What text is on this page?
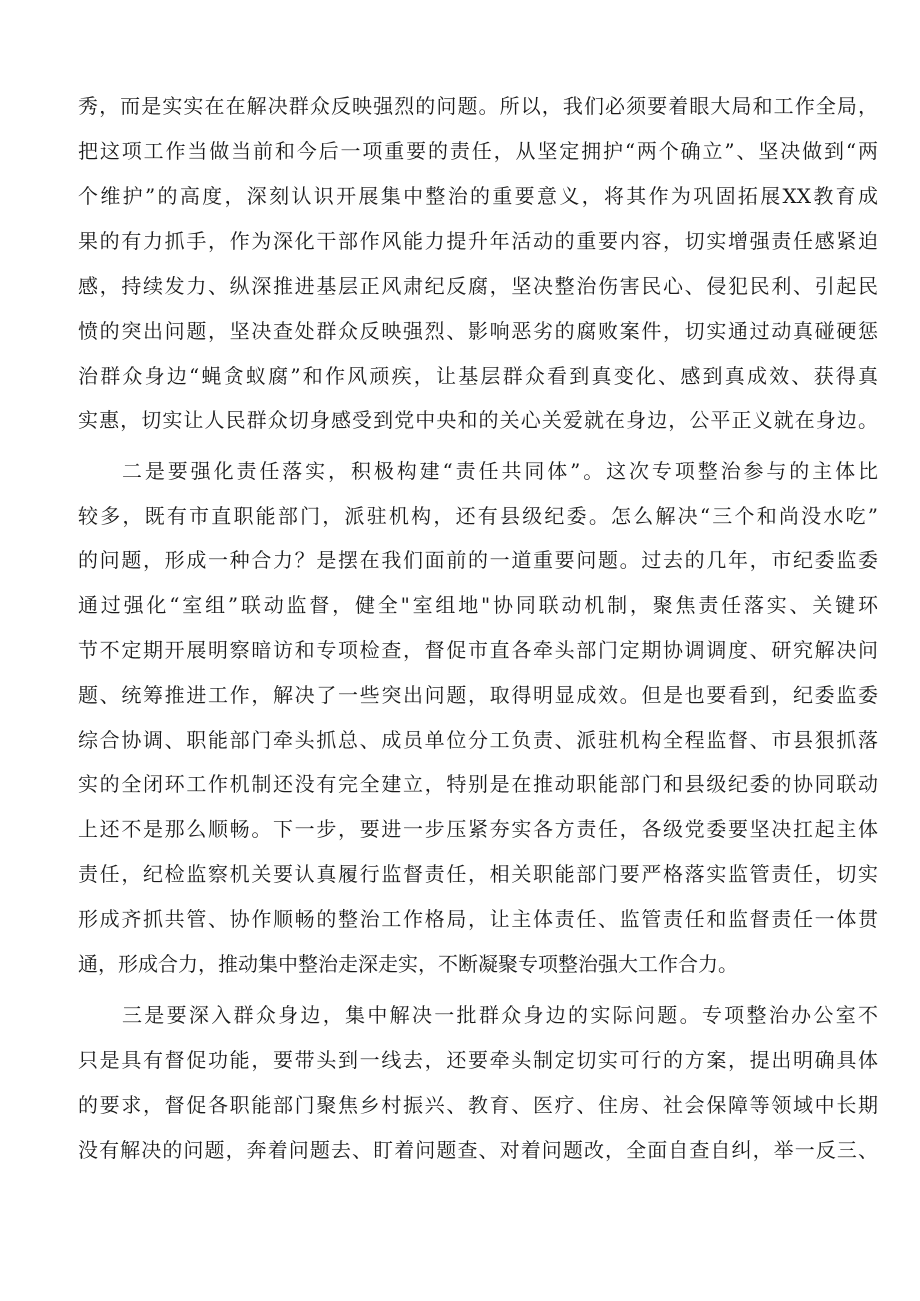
秀，而是实实在在解决群众反映强烈的问题。所以，我们必须要着眼大局和工作全局，
把这项工作当做当前和今后一项重要的责任，从坚定拥护“两个确立”、坚决做到“两
个维护”的高度，深刻认识开展集中整治的重要意义，将其作为巩固拓展XX教育成
果的有力抓手，作为深化干部作风能力提升年活动的重要内容，切实增强责任感紧迫
感，持续发力、纵深推进基层正风肃纪反腐，坚决整治伤害民心、侵犯民利、引起民
愤的突出问题，坚决查处群众反映强烈、影响恶劣的腐败案件，切实通过动真碰硬惩
治群众身边“蝇贪蚁腐”和作风顽疾，让基层群众看到真变化、感到真成效、获得真
实惠，切实让人民群众切身感受到党中央和的关心关爱就在身边，公平正义就在身边。
二是要强化责任落实，积极构建“责任共同体”。这次专项整治参与的主体比
较多，既有市直职能部门，派驻机构，还有县级纪委。怎么解决“三个和尚没水吃”
的问题，形成一种合力？是摆在我们面前的一道重要问题。过去的几年，市纪委监委
通过强化“室组”联动监督，健全"室组地"协同联动机制，聚焦责任落实、关键环
节不定期开展明察暗访和专项检查，督促市直各牵头部门定期协调调度、研究解决问
题、统筹推进工作，解决了一些突出问题，取得明显成效。但是也要看到，纪委监委
综合协调、职能部门牵头抓总、成员单位分工负责、派驻机构全程监督、市县狠抓落
实的全闭环工作机制还没有完全建立，特别是在推动职能部门和县级纪委的协同联动
上还不是那么顺畅。下一步，要进一步压紧夯实各方责任，各级党委要坚决扛起主体
责任，纪检监察机关要认真履行监督责任，相关职能部门要严格落实监管责任，切实
形成齐抓共管、协作顺畅的整治工作格局，让主体责任、监管责任和监督责任一体贯
通，形成合力，推动集中整治走深走实，不断凝聚专项整治强大工作合力。
三是要深入群众身边，集中解决一批群众身边的实际问题。专项整治办公室不
只是具有督促功能，要带头到一线去，还要牵头制定切实可行的方案，提出明确具体
的要求，督促各职能部门聚焦乡村振兴、教育、医疗、住房、社会保障等领域中长期
没有解决的问题，奔着问题去、盯着问题查、对着问题改，全面自查自纠，举一反三、
